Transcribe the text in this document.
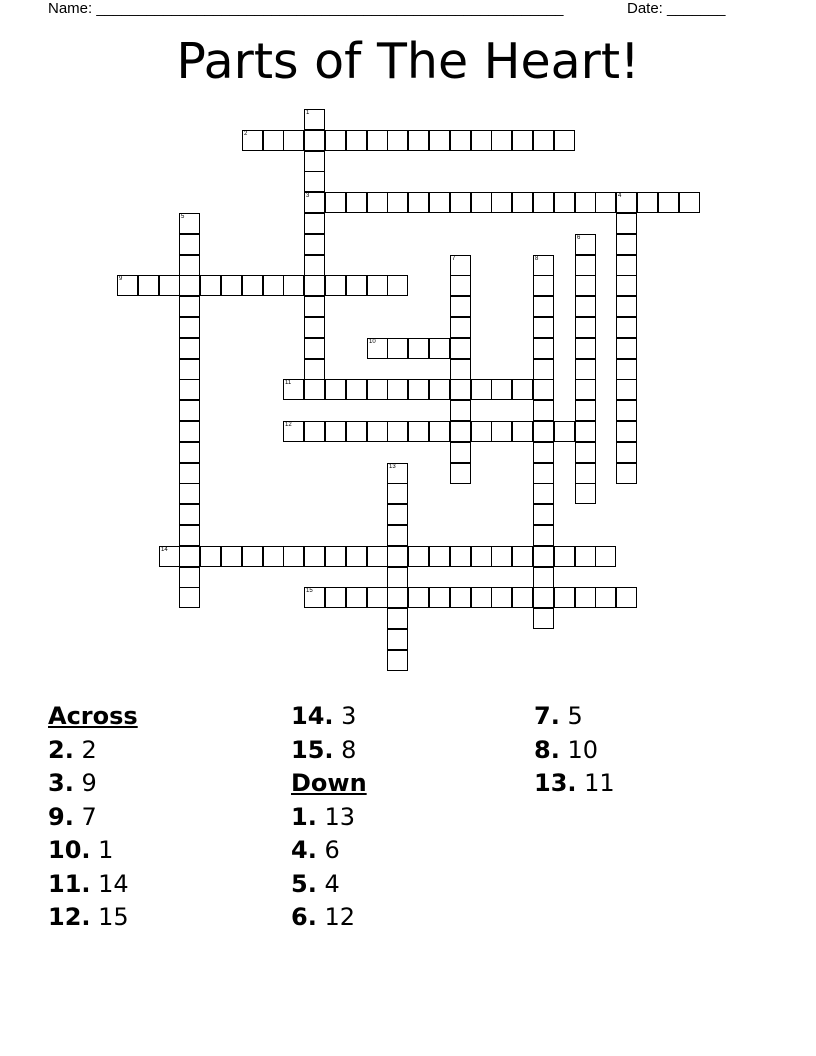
Name: ________________________________________________________	Date: _______
Parts of The Heart!
1
3
2
4
5
6
7	8
9
10
11
12
13
14
15
Across
2. 2
3. 9
9. 7
10. 1
11. 14
12. 15
14. 3
15. 8
Down
1. 13
4. 6
5. 4
6. 12
7. 5
8. 10
13. 11
